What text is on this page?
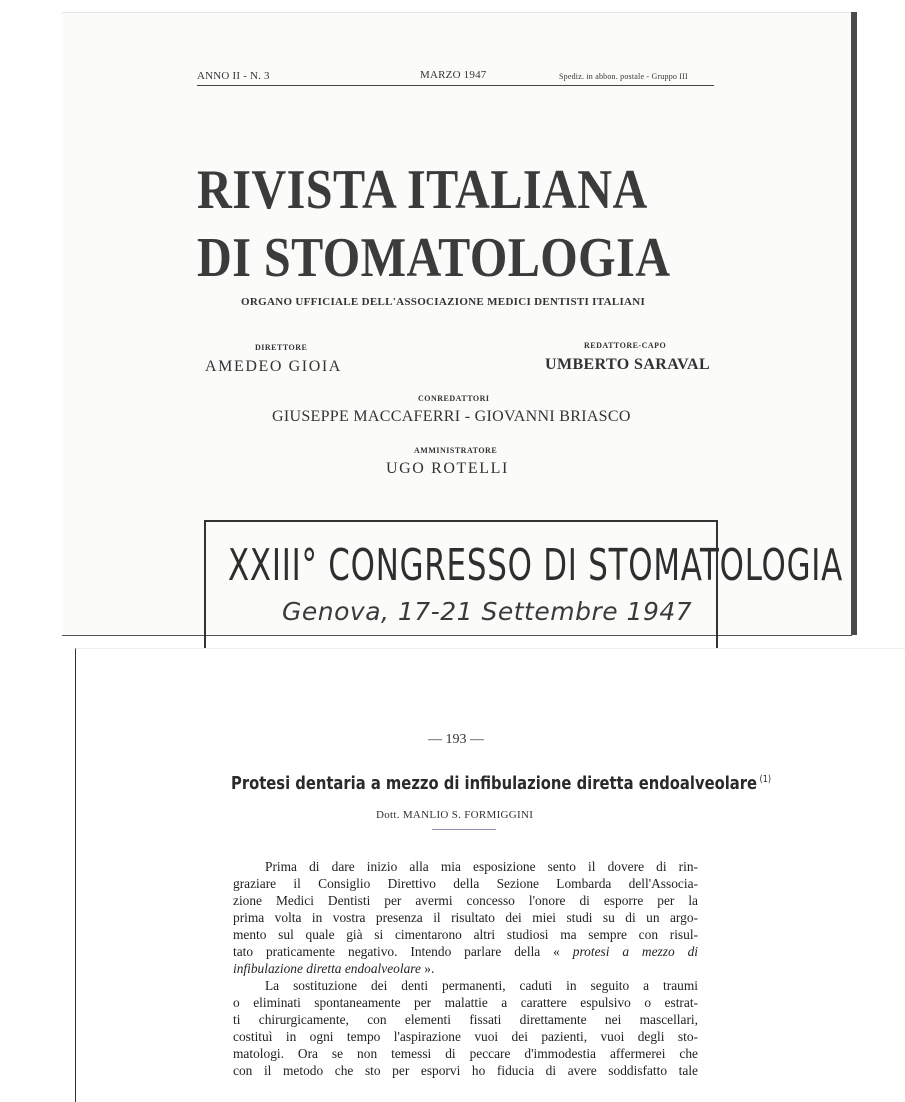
ANNO II - N. 3	MARZO 1947	Spediz. in abbon. postale - Gruppo III
RIVISTA ITALIANA
DI STOMATOLOGIA
ORGANO UFFICIALE DELL'ASSOCIAZIONE MEDICI DENTISTI ITALIANI
DIRETTORE
AMEDEO GIOIA
REDATTORE-CAPO
UMBERTO SARAVAL
CONREDATTORI
GIUSEPPE MACCAFERRI - GIOVANNI BRIASCO
AMMINISTRATORE
UGO ROTELLI
XXIII° CONGRESSO DI STOMATOLOGIA
Genova, 17-21 Settembre 1947
— 193 —
Protesi dentaria a mezzo di infibulazione diretta endoalveolare $^{(1)}$
Dott. MANLIO S. FORMIGGINI
Prima di dare inizio alla mia esposizione sento il dovere di rin-
graziare il Consiglio Direttivo della Sezione Lombarda dell'Associa-
zione Medici Dentisti per avermi concesso l'onore di esporre per la
prima volta in vostra presenza il risultato dei miei studi su di un argo-
mento sul quale già si cimentarono altri studiosi ma sempre con risul-
tato praticamente negativo. Intendo parlare della « protesi a mezzo di
infibulazione diretta endoalveolare ».
La sostituzione dei denti permanenti, caduti in seguito a traumi
o eliminati spontaneamente per malattie a carattere espulsivo o estrat-
ti chirurgicamente, con elementi fissati direttamente nei mascellari,
costituì in ogni tempo l'aspirazione vuoi dei pazienti, vuoi degli sto-
matologi. Ora se non temessi di peccare d'immodestia affermerei che
con il metodo che sto per esporvi ho fiducia di avere soddisfatto tale
